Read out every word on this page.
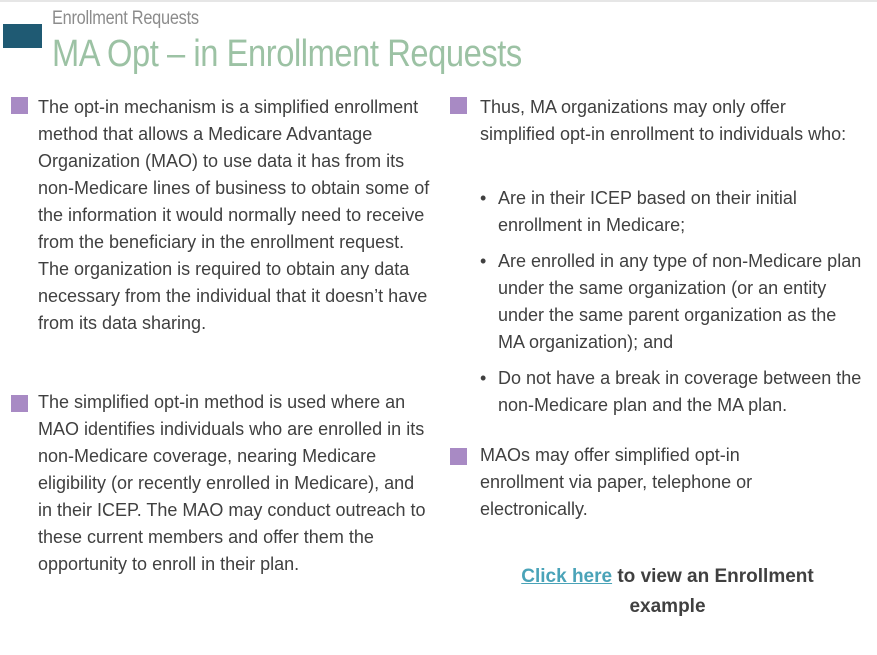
Enrollment Requests
MA Opt – in Enrollment Requests

The opt-in mechanism is a simplified enrollment method that allows a Medicare Advantage Organization (MAO) to use data it has from its non-Medicare lines of business to obtain some of the information it would normally need to receive from the beneficiary in the enrollment request. The organization is required to obtain any data necessary from the individual that it doesn’t have from its data sharing.

The simplified opt-in method is used where an MAO identifies individuals who are enrolled in its non-Medicare coverage, nearing Medicare eligibility (or recently enrolled in Medicare), and in their ICEP. The MAO may conduct outreach to these current members and offer them the opportunity to enroll in their plan.

Thus, MA organizations may only offer simplified opt-in enrollment to individuals who:

• Are in their ICEP based on their initial enrollment in Medicare;
• Are enrolled in any type of non-Medicare plan under the same organization (or an entity under the same parent organization as the MA organization); and
• Do not have a break in coverage between the non-Medicare plan and the MA plan.

MAOs may offer simplified opt-in enrollment via paper, telephone or electronically.

Click here to view an Enrollment example
